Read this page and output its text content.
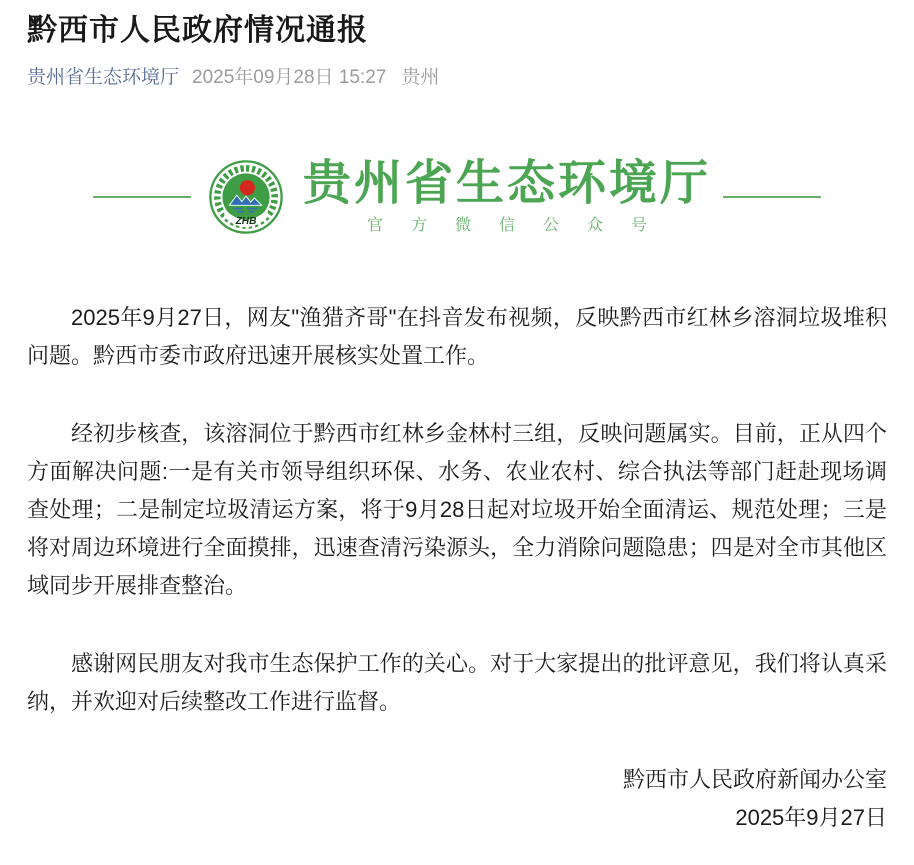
黔西市人民政府情况通报
贵州省生态环境厅 2025年09月28日 15:27 贵州
ZHB
贵州省生态环境厅
官方微信公众号

2025年9月27日，网友"渔猎齐哥"在抖音发布视频，反映黔西市红林乡溶洞垃圾堆积问题。黔西市委市政府迅速开展核实处置工作。

经初步核查，该溶洞位于黔西市红林乡金林村三组，反映问题属实。目前，正从四个方面解决问题:一是有关市领导组织环保、水务、农业农村、综合执法等部门赶赴现场调查处理；二是制定垃圾清运方案，将于9月28日起对垃圾开始全面清运、规范处理；三是将对周边环境进行全面摸排，迅速查清污染源头，全力消除问题隐患；四是对全市其他区域同步开展排查整治。

感谢网民朋友对我市生态保护工作的关心。对于大家提出的批评意见，我们将认真采纳，并欢迎对后续整改工作进行监督。

黔西市人民政府新闻办公室

2025年9月27日
